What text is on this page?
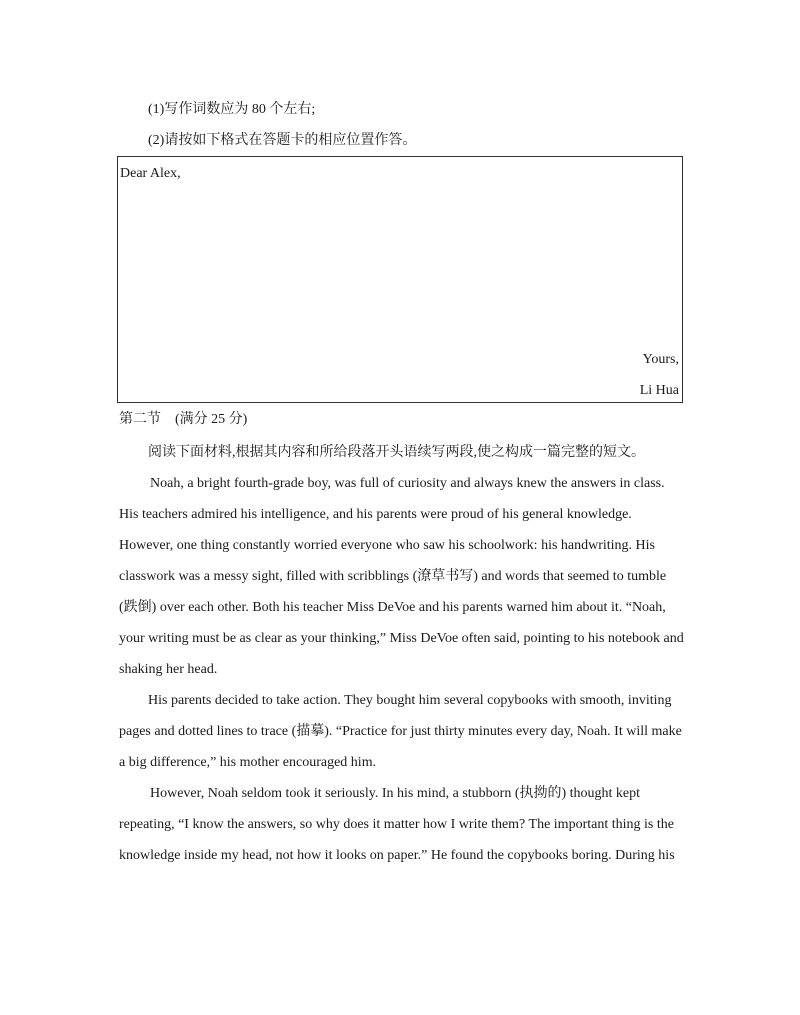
(1)写作词数应为 80 个左右;
(2)请按如下格式在答题卡的相应位置作答。
Dear Alex,
Yours,
Li Hua
第二节　(满分 25 分)
阅读下面材料,根据其内容和所给段落开头语续写两段,使之构成一篇完整的短文。
Noah, a bright fourth-grade boy, was full of curiosity and always knew the answers in class.
His teachers admired his intelligence, and his parents were proud of his general knowledge.
However, one thing constantly worried everyone who saw his schoolwork: his handwriting. His
classwork was a messy sight, filled with scribblings (潦草书写) and words that seemed to tumble
(跌倒) over each other. Both his teacher Miss DeVoe and his parents warned him about it. “Noah,
your writing must be as clear as your thinking,” Miss DeVoe often said, pointing to his notebook and
shaking her head.
His parents decided to take action. They bought him several copybooks with smooth, inviting
pages and dotted lines to trace (描摹). “Practice for just thirty minutes every day, Noah. It will make
a big difference,” his mother encouraged him.
However, Noah seldom took it seriously. In his mind, a stubborn (执拗的) thought kept
repeating, “I know the answers, so why does it matter how I write them? The important thing is the
knowledge inside my head, not how it looks on paper.” He found the copybooks boring. During his
